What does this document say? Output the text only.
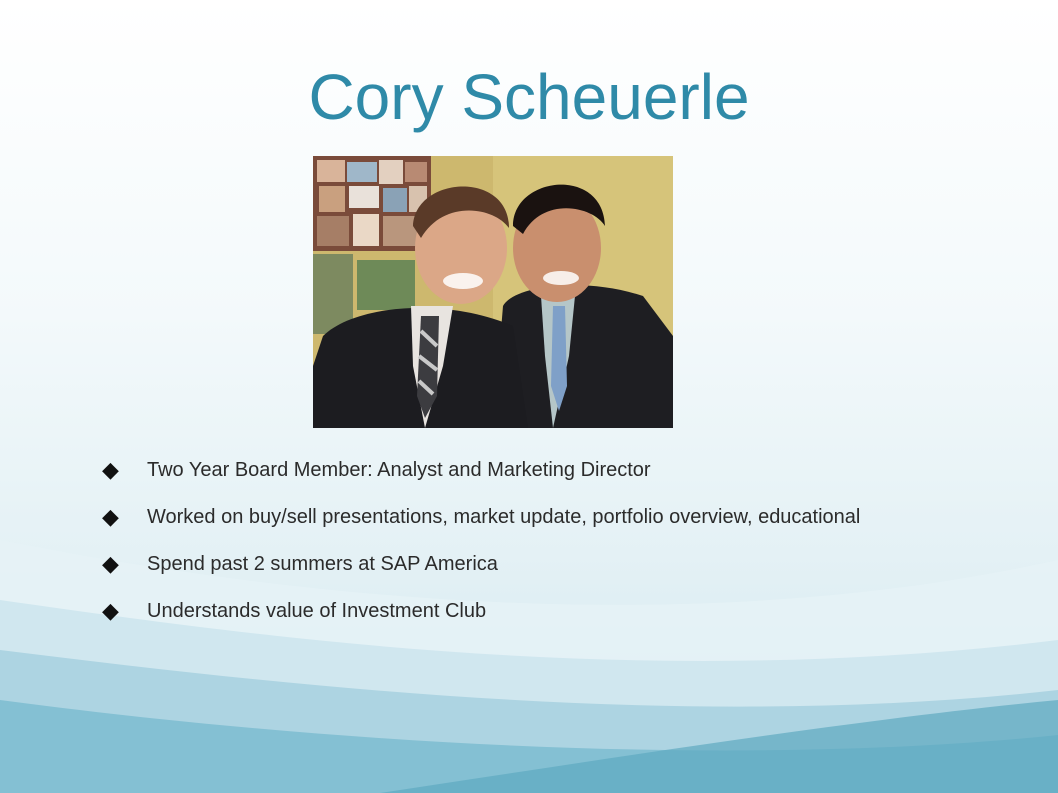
Cory Scheuerle
◆ Two Year Board Member: Analyst and Marketing Director
◆ Worked on buy/sell presentations, market update, portfolio overview, educational
◆ Spend past 2 summers at SAP America
◆ Understands value of Investment Club
